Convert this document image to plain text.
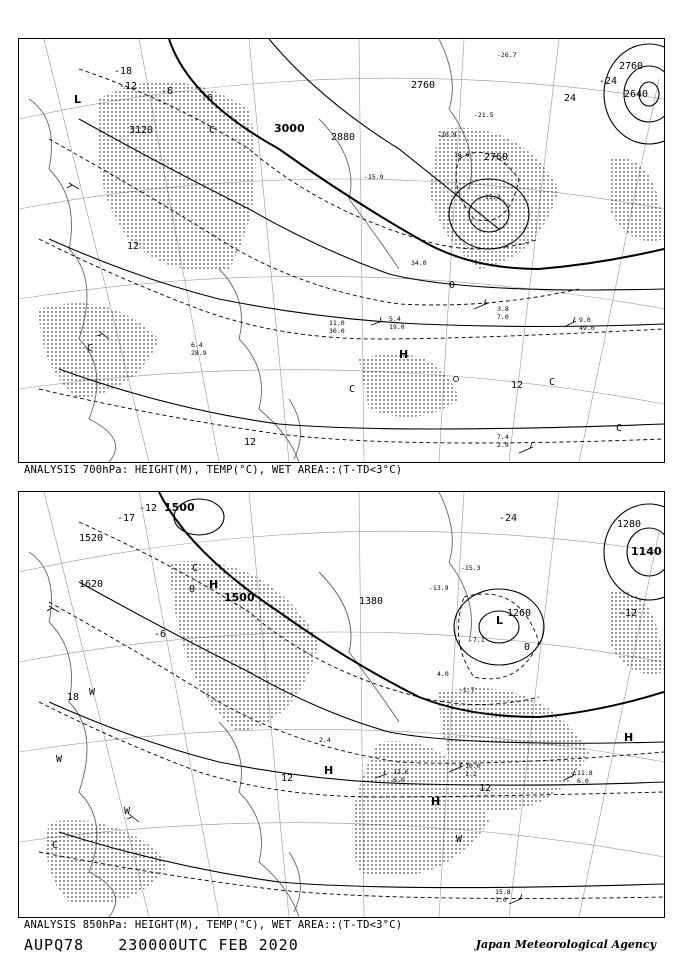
3120	3000
2880
2760
2760
2640
2760
-18
-12 -6
0
12
12
-24
24
-6
12
L
H
C
C
C
C
C
3.8
7.0	9.0
49.0
5.4
19.0
7.4
2.9
11.0
30.0
6.4
28.9
-26.7
-15.3
-21.5
16.0
-15.9
-20.9
34.0
ANALYSIS 700hPa: HEIGHT(M), TEMP(°C), WET AREA::(T-TD<3°C)
1500
1500
1520
1620
1380
1260
1280
1140
-17
-12
-24
0
0
18
12
12
-12
-6
L
H
H
H
W
W
W
C
C
W
H
10.0
1.2	11.8
6.0
15.8
1.0
12.6
6.0
-15.3
-13.9
-7.1
-1.7
4.0
2.4
ANALYSIS 850hPa: HEIGHT(M), TEMP(°C), WET AREA::(T-TD<3°C)
AUPQ78 230000UTC FEB 2020	Japan Meteorological Agency
